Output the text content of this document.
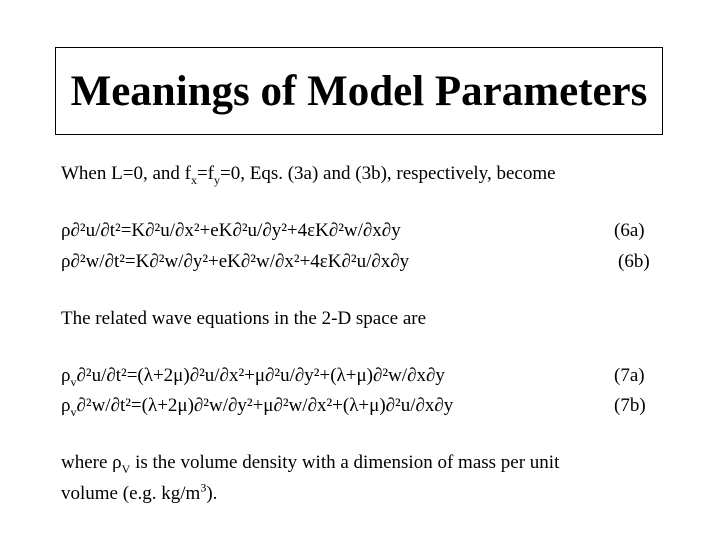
Meanings of Model Parameters
When L=0, and $f_x=f_y=0$, Eqs. (3a) and (3b), respectively, become
ρ∂²u/∂t²=K∂²u/∂x²+eK∂²u/∂y²+4εK∂²w/∂x∂y	(6a)
ρ∂²w/∂t²=K∂²w/∂y²+eK∂²w/∂x²+4εK∂²u/∂x∂y	(6b)
The related wave equations in the 2-D space are
$\rho_v\partial^2u/\partial t^2=(\lambda+2\mu)\partial^2u/\partial x^2+\mu\partial^2u/\partial y^2+(\lambda+\mu)\partial^2w/\partial x\partial y$	(7a)
$\rho_v\partial^2w/\partial t^2=(\lambda+2\mu)\partial^2w/\partial y^2+\mu\partial^2w/\partial x^2+(\lambda+\mu)\partial^2u/\partial x\partial y$	(7b)
where $\rho_V$ is the volume density with a dimension of mass per unit
volume (e.g. $kg/m^3$).
